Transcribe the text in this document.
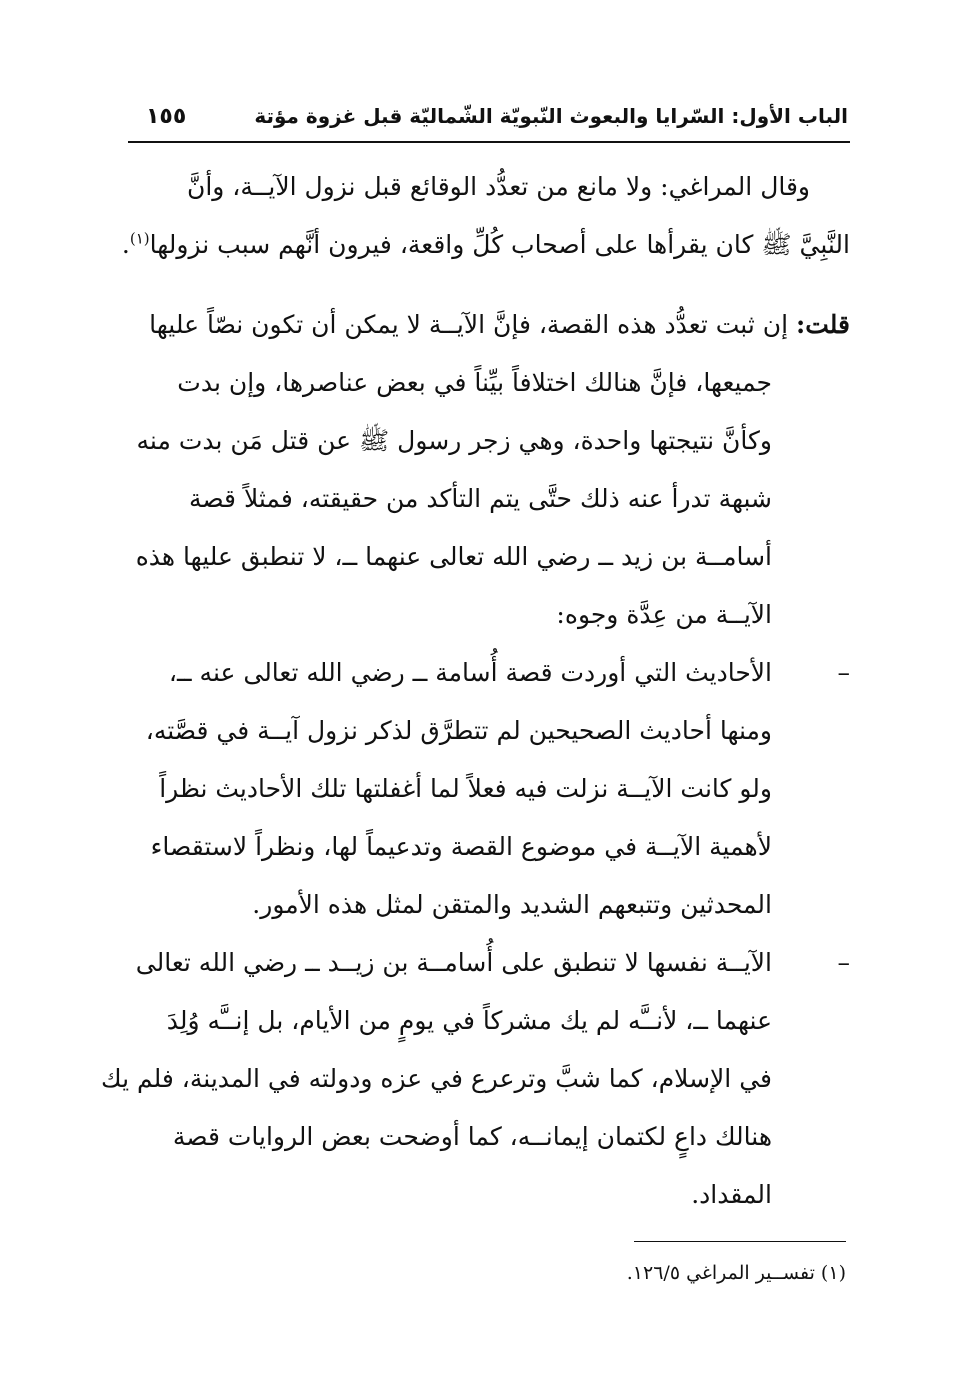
الباب الأول: السّرايا والبعوث النّبويّة الشّماليّة قبل غزوة مؤتة
١٥٥
وقال المراغي: ولا مانع من تعدُّد الوقائع قبل نزول الآيــة، وأنَّ
النَّبِيَّ ﷺ كان يقرأها على أصحاب كُلِّ واقعة، فيرون أنَّهم سبب نزولها$^{(١)}$.
قلت: إن ثبت تعدُّد هذه القصة، فإنَّ الآيــة لا يمكن أن تكون نصّاً عليها
جميعها، فإنَّ هنالك اختلافاً بيِّناً في بعض عناصرها، وإن بدت
وكأنَّ نتيجتها واحدة، وهي زجر رسول ﷺ عن قتل مَن بدت منه
شبهة تدرأ عنه ذلك حتَّى يتم التأكد من حقيقته، فمثلاً قصة
أسامــة بن زيد ــ رضي الله تعالى عنهما ــ، لا تنطبق عليها هذه
الآيــة من عِدَّة وجوه:
–
الأحاديث التي أوردت قصة أُسامة ــ رضي الله تعالى عنه ــ،
ومنها أحاديث الصحيحين لم تتطرَّق لذكر نزول آيــة في قصَّته،
ولو كانت الآيــة نزلت فيه فعلاً لما أغفلتها تلك الأحاديث نظراً
لأهمية الآيــة في موضوع القصة وتدعيماً لها، ونظراً لاستقصاء
المحدثين وتتبعهم الشديد والمتقن لمثل هذه الأمور.
–
الآيــة نفسها لا تنطبق على أُسامــة بن زيــد ــ رضي الله تعالى
عنهما ــ، لأنــَّه لم يك مشركاً في يومٍ من الأيام، بل إنــَّه وُلِدَ
في الإسلام، كما شبَّ وترعرع في عزه ودولته في المدينة، فلم يك
هنالك داعٍ لكتمان إيمانــه، كما أوضحت بعض الروايات قصة
المقداد.
(١) تفســير المراغي ١٢٦/٥.
